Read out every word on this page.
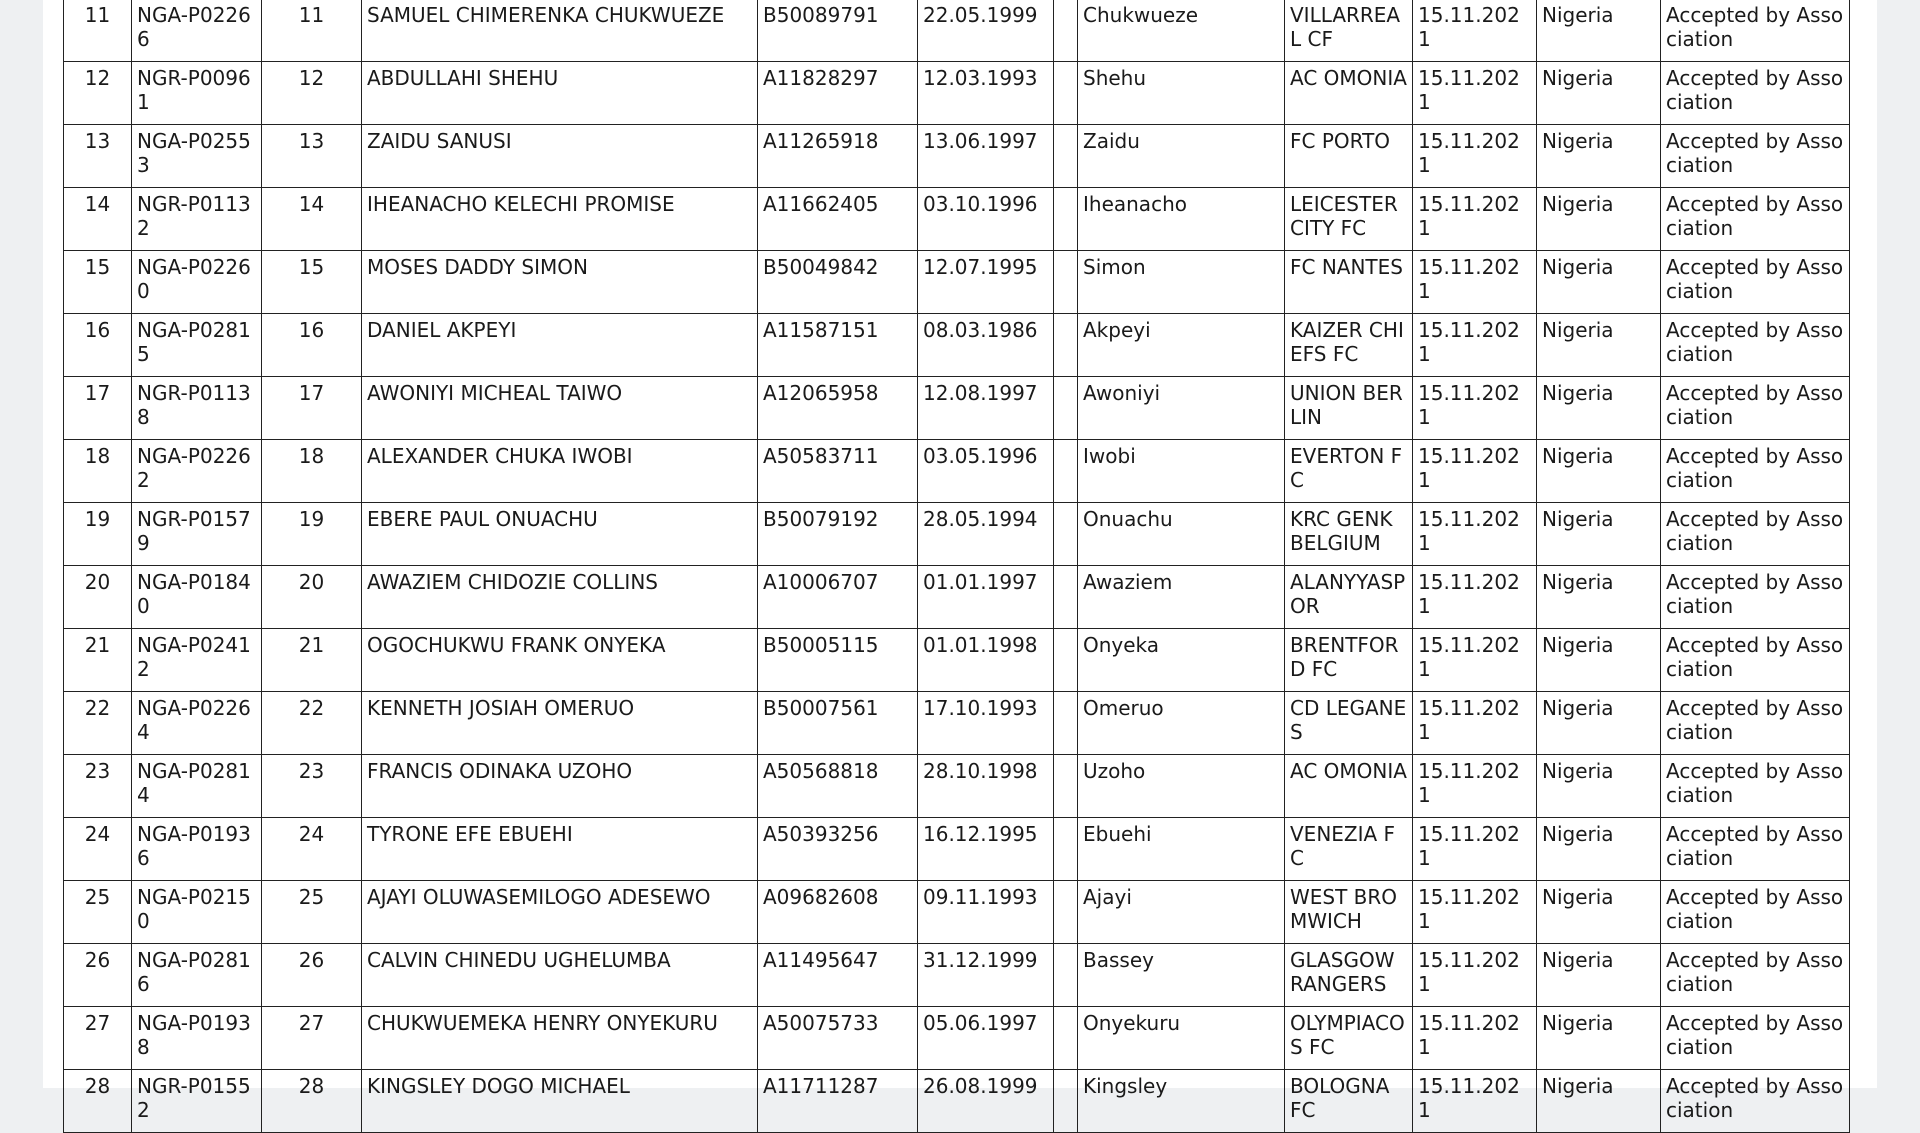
11	NGA-P02266	11	SAMUEL CHIMERENKA CHUKWUEZE	B50089791	22.05.1999		Chukwueze	VILLARREAL CF	15.11.2021	Nigeria	Accepted by Association
12	NGR-P00961	12	ABDULLAHI SHEHU	A11828297	12.03.1993		Shehu	AC OMONIA	15.11.2021	Nigeria	Accepted by Association
13	NGA-P02553	13	ZAIDU SANUSI	A11265918	13.06.1997		Zaidu	FC PORTO	15.11.2021	Nigeria	Accepted by Association
14	NGR-P01132	14	IHEANACHO KELECHI PROMISE	A11662405	03.10.1996		Iheanacho	LEICESTER CITY FC	15.11.2021	Nigeria	Accepted by Association
15	NGA-P02260	15	MOSES DADDY SIMON	B50049842	12.07.1995		Simon	FC NANTES	15.11.2021	Nigeria	Accepted by Association
16	NGA-P02815	16	DANIEL AKPEYI	A11587151	08.03.1986		Akpeyi	KAIZER CHIEFS FC	15.11.2021	Nigeria	Accepted by Association
17	NGR-P01138	17	AWONIYI MICHEAL TAIWO	A12065958	12.08.1997		Awoniyi	UNION BERLIN	15.11.2021	Nigeria	Accepted by Association
18	NGA-P02262	18	ALEXANDER CHUKA IWOBI	A50583711	03.05.1996		Iwobi	EVERTON FC	15.11.2021	Nigeria	Accepted by Association
19	NGR-P01579	19	EBERE PAUL ONUACHU	B50079192	28.05.1994		Onuachu	KRC GENK BELGIUM	15.11.2021	Nigeria	Accepted by Association
20	NGA-P01840	20	AWAZIEM CHIDOZIE COLLINS	A10006707	01.01.1997		Awaziem	ALANYYASPOR	15.11.2021	Nigeria	Accepted by Association
21	NGA-P02412	21	OGOCHUKWU FRANK ONYEKA	B50005115	01.01.1998		Onyeka	BRENTFORD FC	15.11.2021	Nigeria	Accepted by Association
22	NGA-P02264	22	KENNETH JOSIAH OMERUO	B50007561	17.10.1993		Omeruo	CD LEGANES	15.11.2021	Nigeria	Accepted by Association
23	NGA-P02814	23	FRANCIS ODINAKA UZOHO	A50568818	28.10.1998		Uzoho	AC OMONIA	15.11.2021	Nigeria	Accepted by Association
24	NGA-P01936	24	TYRONE EFE EBUEHI	A50393256	16.12.1995		Ebuehi	VENEZIA FC	15.11.2021	Nigeria	Accepted by Association
25	NGA-P02150	25	AJAYI OLUWASEMILOGO ADESEWO	A09682608	09.11.1993		Ajayi	WEST BROMWICH	15.11.2021	Nigeria	Accepted by Association
26	NGA-P02816	26	CALVIN CHINEDU UGHELUMBA	A11495647	31.12.1999		Bassey	GLASGOW RANGERS	15.11.2021	Nigeria	Accepted by Association
27	NGA-P01938	27	CHUKWUEMEKA HENRY ONYEKURU	A50075733	05.06.1997		Onyekuru	OLYMPIACOS FC	15.11.2021	Nigeria	Accepted by Association
28	NGR-P01552	28	KINGSLEY DOGO MICHAEL	A11711287	26.08.1999		Kingsley	BOLOGNA FC	15.11.2021	Nigeria	Accepted by Association
